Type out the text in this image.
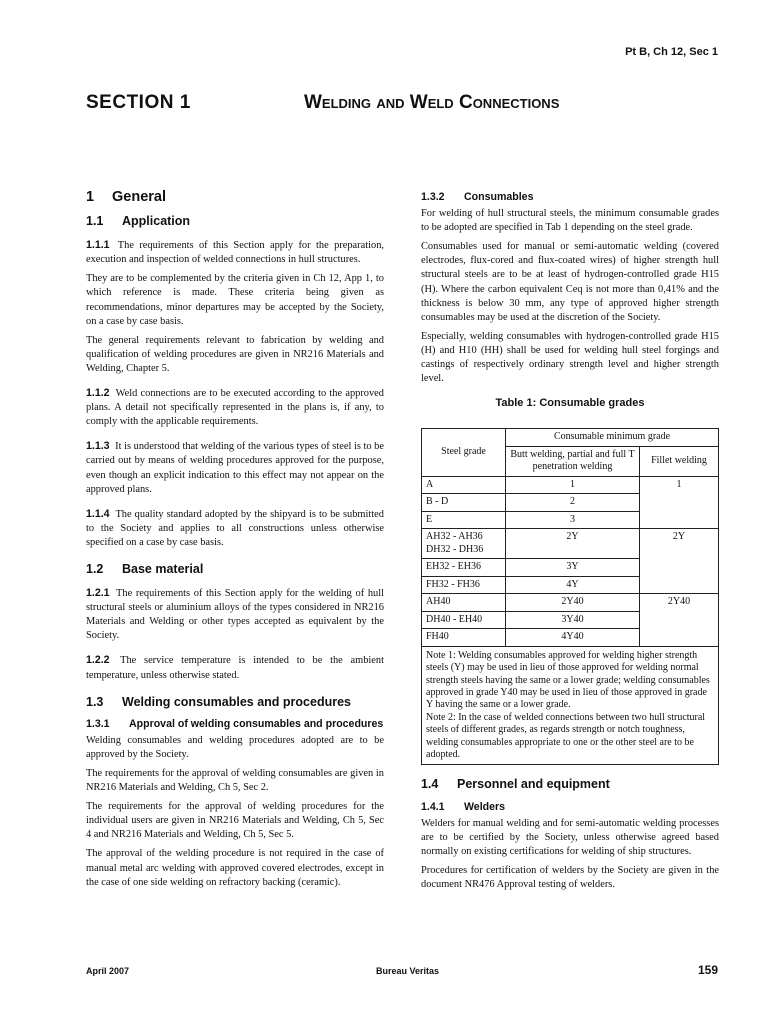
Pt B, Ch 12, Sec 1
SECTION 1	Welding and Weld Connections
1 General
1.1 Application

1.1.1 The requirements of this Section apply for the preparation, execution and inspection of welded connections in hull structures.

They are to be complemented by the criteria given in Ch 12, App 1, to which reference is made. These criteria being given as recommendations, minor departures may be accepted by the Society, on a case by case basis.

The general requirements relevant to fabrication by welding and qualification of welding procedures are given in NR216 Materials and Welding, Chapter 5.

1.1.2 Weld connections are to be executed according to the approved plans. A detail not specifically represented in the plans is, if any, to comply with the applicable requirements.

1.1.3 It is understood that welding of the various types of steel is to be carried out by means of welding procedures approved for the purpose, even though an explicit indication to this effect may not appear on the approved plans.

1.1.4 The quality standard adopted by the shipyard is to be submitted to the Society and applies to all constructions unless otherwise specified on a case by case basis.

1.2 Base material

1.2.1 The requirements of this Section apply for the welding of hull structural steels or aluminium alloys of the types considered in NR216 Materials and Welding or other types accepted as equivalent by the Society.

1.2.2 The service temperature is intended to be the ambient temperature, unless otherwise stated.

1.3 Welding consumables and procedures
1.3.1	Approval of welding consumables and procedures

Welding consumables and welding procedures adopted are to be approved by the Society.

The requirements for the approval of welding consumables are given in NR216 Materials and Welding, Ch 5, Sec 2.

The requirements for the approval of welding procedures for the individual users are given in NR216 Materials and Welding, Ch 5, Sec 4 and NR216 Materials and Welding, Ch 5, Sec 5.

The approval of the welding procedure is not required in the case of manual metal arc welding with approved covered electrodes, except in the case of one side welding on refractory backing (ceramic).

1.3.2 Consumables

For welding of hull structural steels, the minimum consumable grades to be adopted are specified in Tab 1 depending on the steel grade.

Consumables used for manual or semi-automatic welding (covered electrodes, flux-cored and flux-coated wires) of higher strength hull structural steels are to be at least of hydrogen-controlled grade H15 (H). Where the carbon equivalent Ceq is not more than 0,41% and the thickness is below 30 mm, any type of approved higher strength consumables may be used at the discretion of the Society.

Especially, welding consumables with hydrogen-controlled grade H15 (H) and H10 (HH) shall be used for welding hull steel forgings and castings of respectively ordinary strength level and higher strength level.

Table 1: Consumable grades
Steel grade	Consumable minimum grade	
	Butt welding, partial and full T penetration welding	Fillet welding
A	1	1
B - D	2	
E	3	
AH32 - AH36
DH32 - DH36	2Y	2Y
EH32 - EH36	3Y	
FH32 - FH36	4Y	
AH40	2Y40	2Y40
DH40 - EH40	3Y40	
FH40	4Y40	

Note 1: Welding consumables approved for welding higher strength steels (Y) may be used in lieu of those approved for welding normal strength steels having the same or a lower grade; welding consumables approved in grade Y40 may be used in lieu of those approved in grade Y having the same or a lower grade.
Note 2: In the case of welded connections between two hull structural steels of different grades, as regards strength or notch toughness, welding consumables appropriate to one or the other steel are to be adopted.		
1.4 Personnel and equipment
1.4.1 Welders

Welders for manual welding and for semi-automatic welding processes are to be certified by the Society, unless otherwise agreed based normally on existing certifications for welding of ship structures.

Procedures for certification of welders by the Society are given in the document NR476 Approval testing of welders.

April 2007	Bureau Veritas	159
